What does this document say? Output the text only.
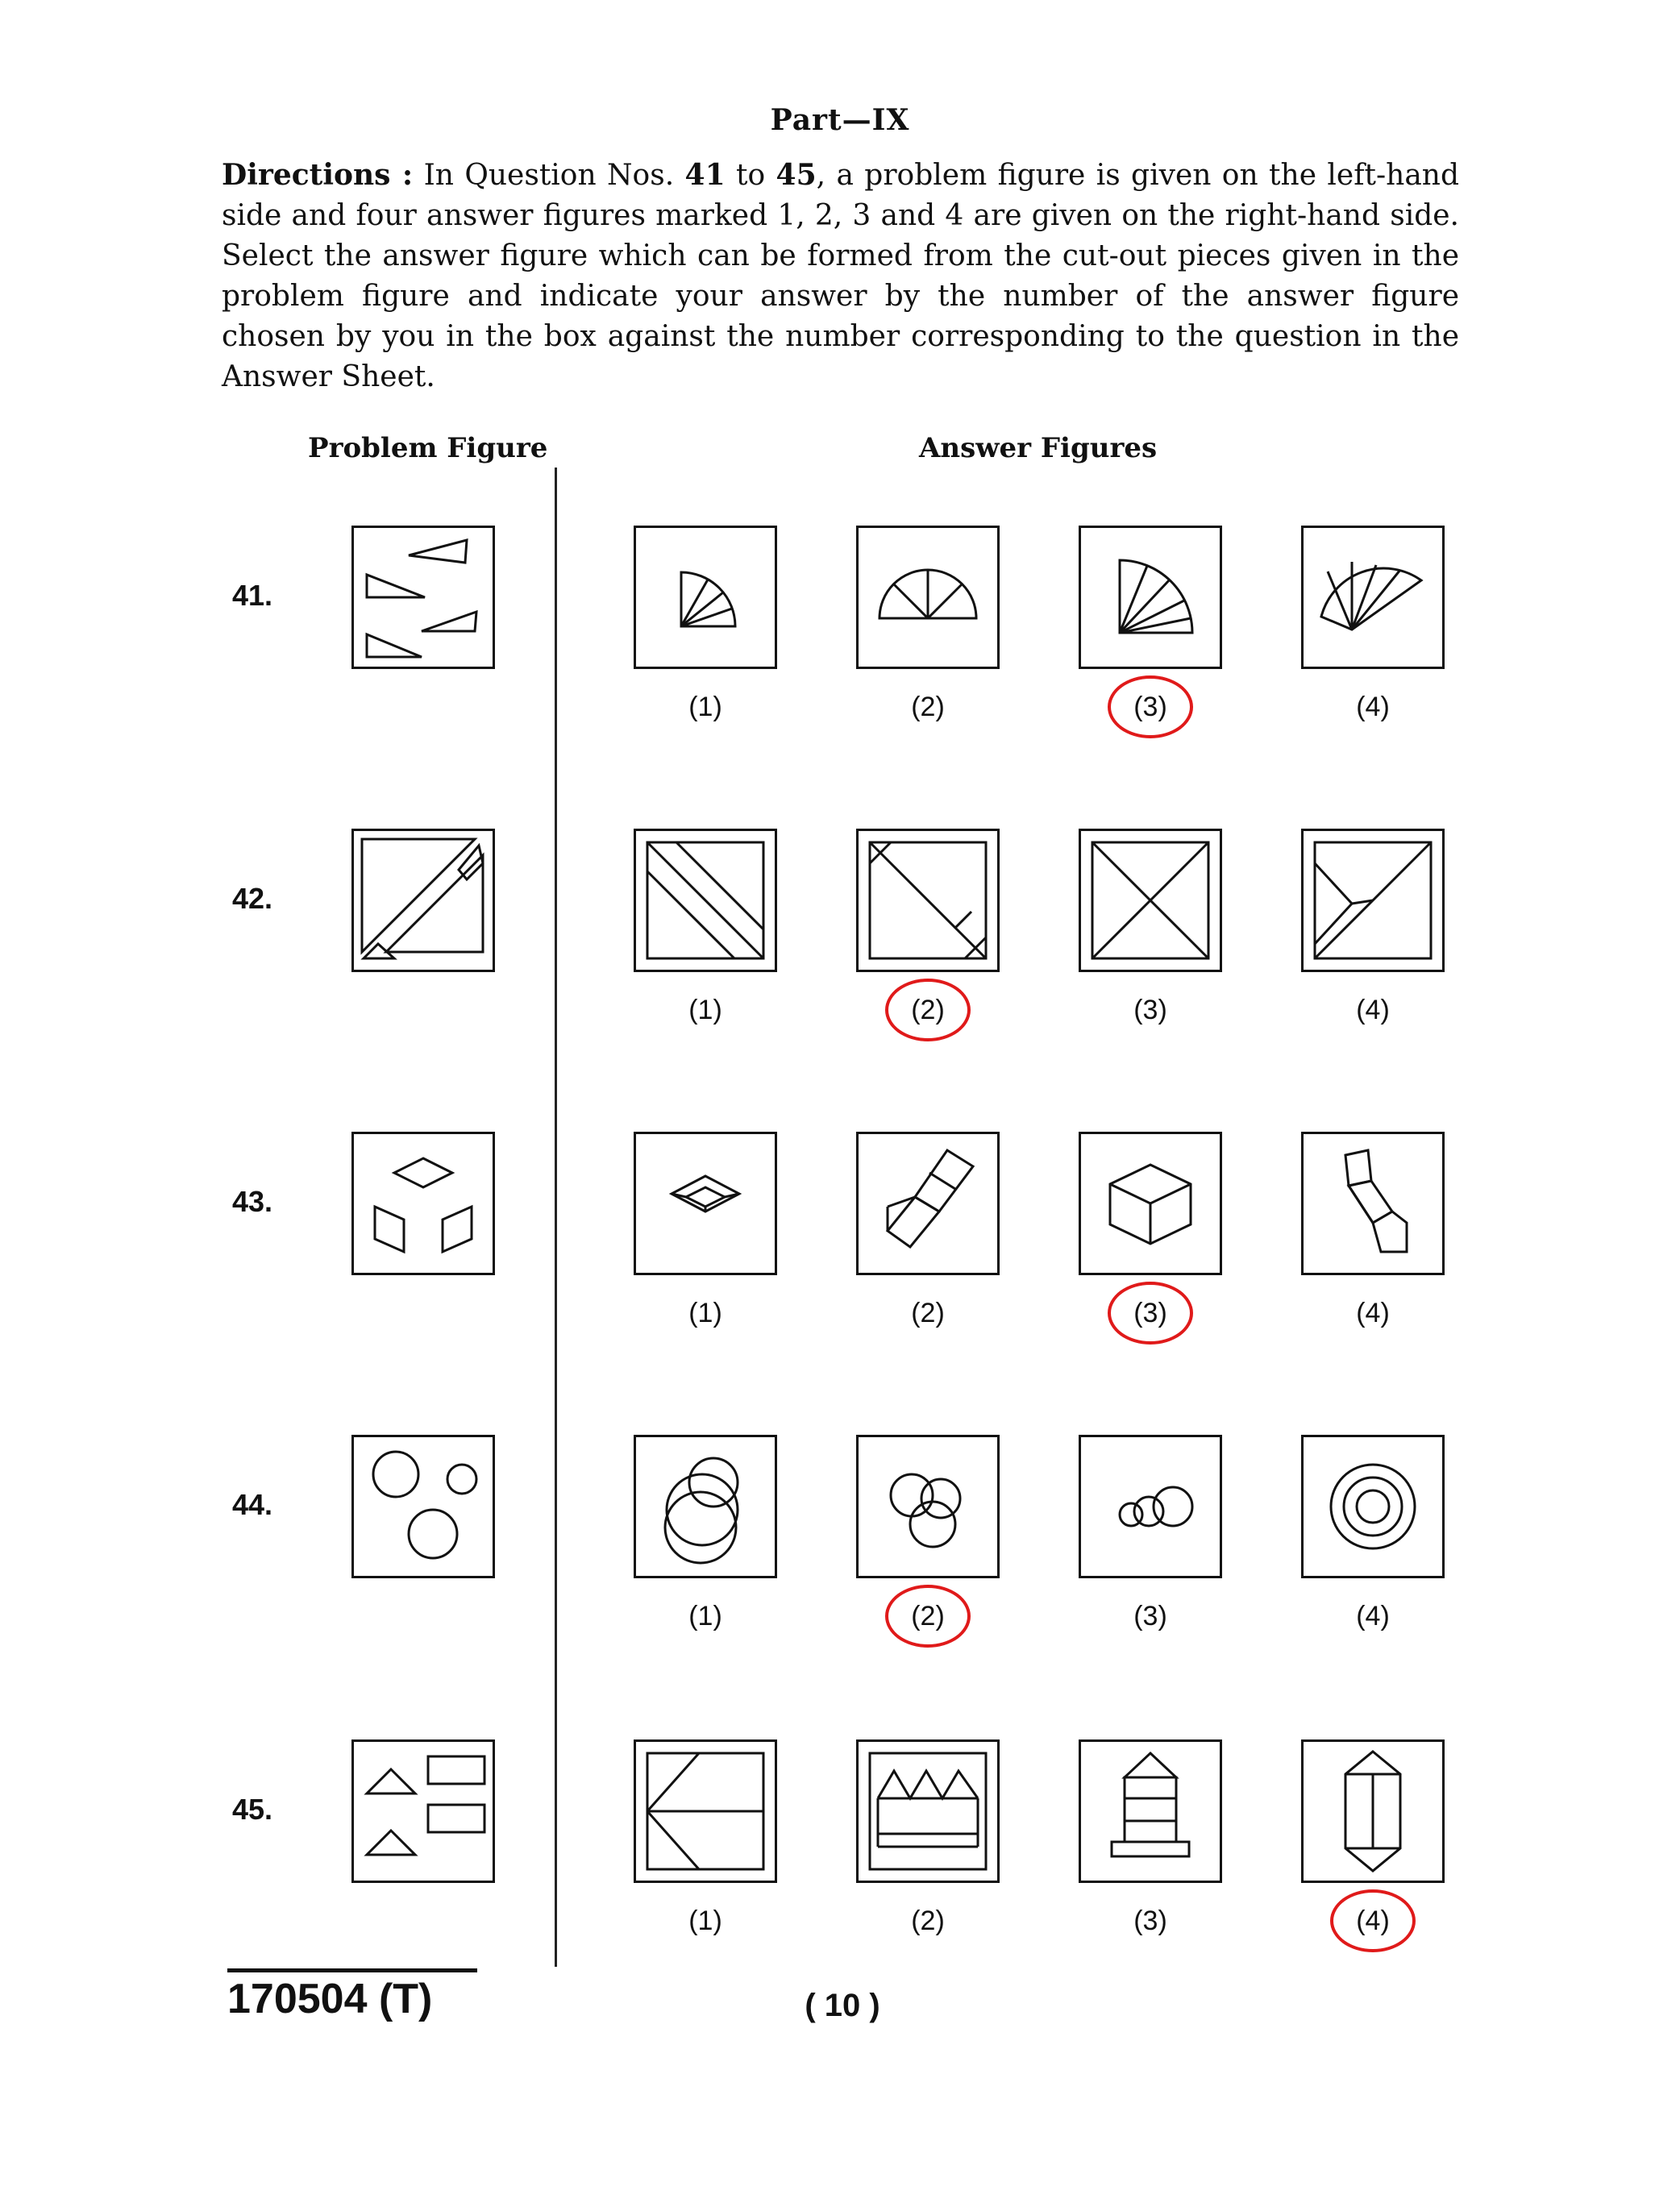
Part—IX
Directions : In Question Nos. 41 to 45, a problem figure is given on the left-hand side and four answer figures marked 1, 2, 3 and 4 are given on the right-hand side. Select the answer figure which can be formed from the cut-out pieces given in the problem figure and indicate your answer by the number of the answer figure chosen by you in the box against the number corresponding to the question in the Answer Sheet.
Problem Figure	Answer Figures
41.
(1)	(2)	(3)	(4)
42.
(1)	(2)	(3)	(4)
43.
(1)	(2)	(3)	(4)
44.
(1)	(2)	(3)	(4)
45.
(1)	(2)	(3)	(4)
170504 (T)	( 10 )
